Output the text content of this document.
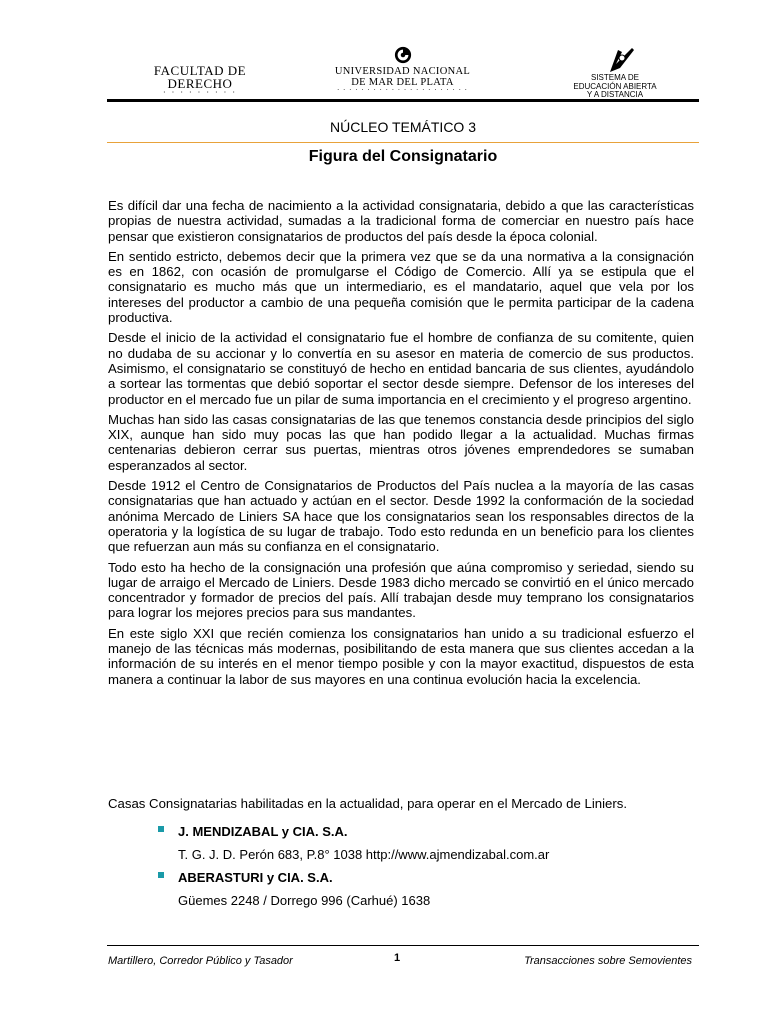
FACULTAD DE
DERECHO
· · · · · · · · ·
UNIVERSIDAD NACIONAL
DE MAR DEL PLATA
· · · · · · · · · · · · · · · · · · · · · ·
SISTEMA DE
EDUCACIÓN ABIERTA
Y A DISTANCIA
NÚCLEO TEMÁTICO 3
Figura del Consignatario

Es difícil dar una fecha de nacimiento a la actividad consignataria, debido a que las características propias de nuestra actividad, sumadas a la tradicional forma de comerciar en nuestro país hace pensar que existieron consignatarios de productos del país desde la época colonial.

En sentido estricto, debemos decir que la primera vez que se da una normativa a la consignación es en 1862, con ocasión de promulgarse el Código de Comercio. Allí ya se estipula que el consignatario es mucho más que un intermediario, es el mandatario, aquel que vela por los intereses del productor a cambio de una pequeña comisión que le permita participar de la cadena productiva.

Desde el inicio de la actividad el consignatario fue el hombre de confianza de su comitente, quien no dudaba de su accionar y lo convertía en su asesor en materia de comercio de sus productos. Asimismo, el consignatario se constituyó de hecho en entidad bancaria de sus clientes, ayudándolo a sortear las tormentas que debió soportar el sector desde siempre. Defensor de los intereses del productor en el mercado fue un pilar de suma importancia en el crecimiento y el progreso argentino.

Muchas han sido las casas consignatarias de las que tenemos constancia desde principios del siglo XIX, aunque han sido muy pocas las que han podido llegar a la actualidad. Muchas firmas centenarias debieron cerrar sus puertas, mientras otros jóvenes emprendedores se sumaban esperanzados al sector.

Desde 1912 el Centro de Consignatarios de Productos del País nuclea a la mayoría de las casas consignatarias que han actuado y actúan en el sector. Desde 1992 la conformación de la sociedad anónima Mercado de Liniers SA hace que los consignatarios sean los responsables directos de la operatoria y la logística de su lugar de trabajo. Todo esto redunda en un beneficio para los clientes que refuerzan aun más su confianza en el consignatario.

Todo esto ha hecho de la consignación una profesión que aúna compromiso y seriedad, siendo su lugar de arraigo el Mercado de Liniers. Desde 1983 dicho mercado se convirtió en el único mercado concentrador y formador de precios del país. Allí trabajan desde muy temprano los consignatarios para lograr los mejores precios para sus mandantes.

En este siglo XXI que recién comienza los consignatarios han unido a su tradicional esfuerzo el manejo de las técnicas más modernas, posibilitando de esta manera que sus clientes accedan a la información de su interés en el menor tiempo posible y con la mayor exactitud, dispuestos de esta manera a continuar la labor de sus mayores en una continua evolución hacia la excelencia.

Casas Consignatarias habilitadas en la actualidad, para operar en el Mercado de Liniers.
J. MENDIZABAL y CIA. S.A.
T. G. J. D. Perón 683, P.8° 1038 http://www.ajmendizabal.com.ar
ABERASTURI y CIA. S.A.
Güemes 2248 / Dorrego 996 (Carhué) 1638
Martillero, Corredor Público y Tasador	1	Transacciones sobre Semovientes
